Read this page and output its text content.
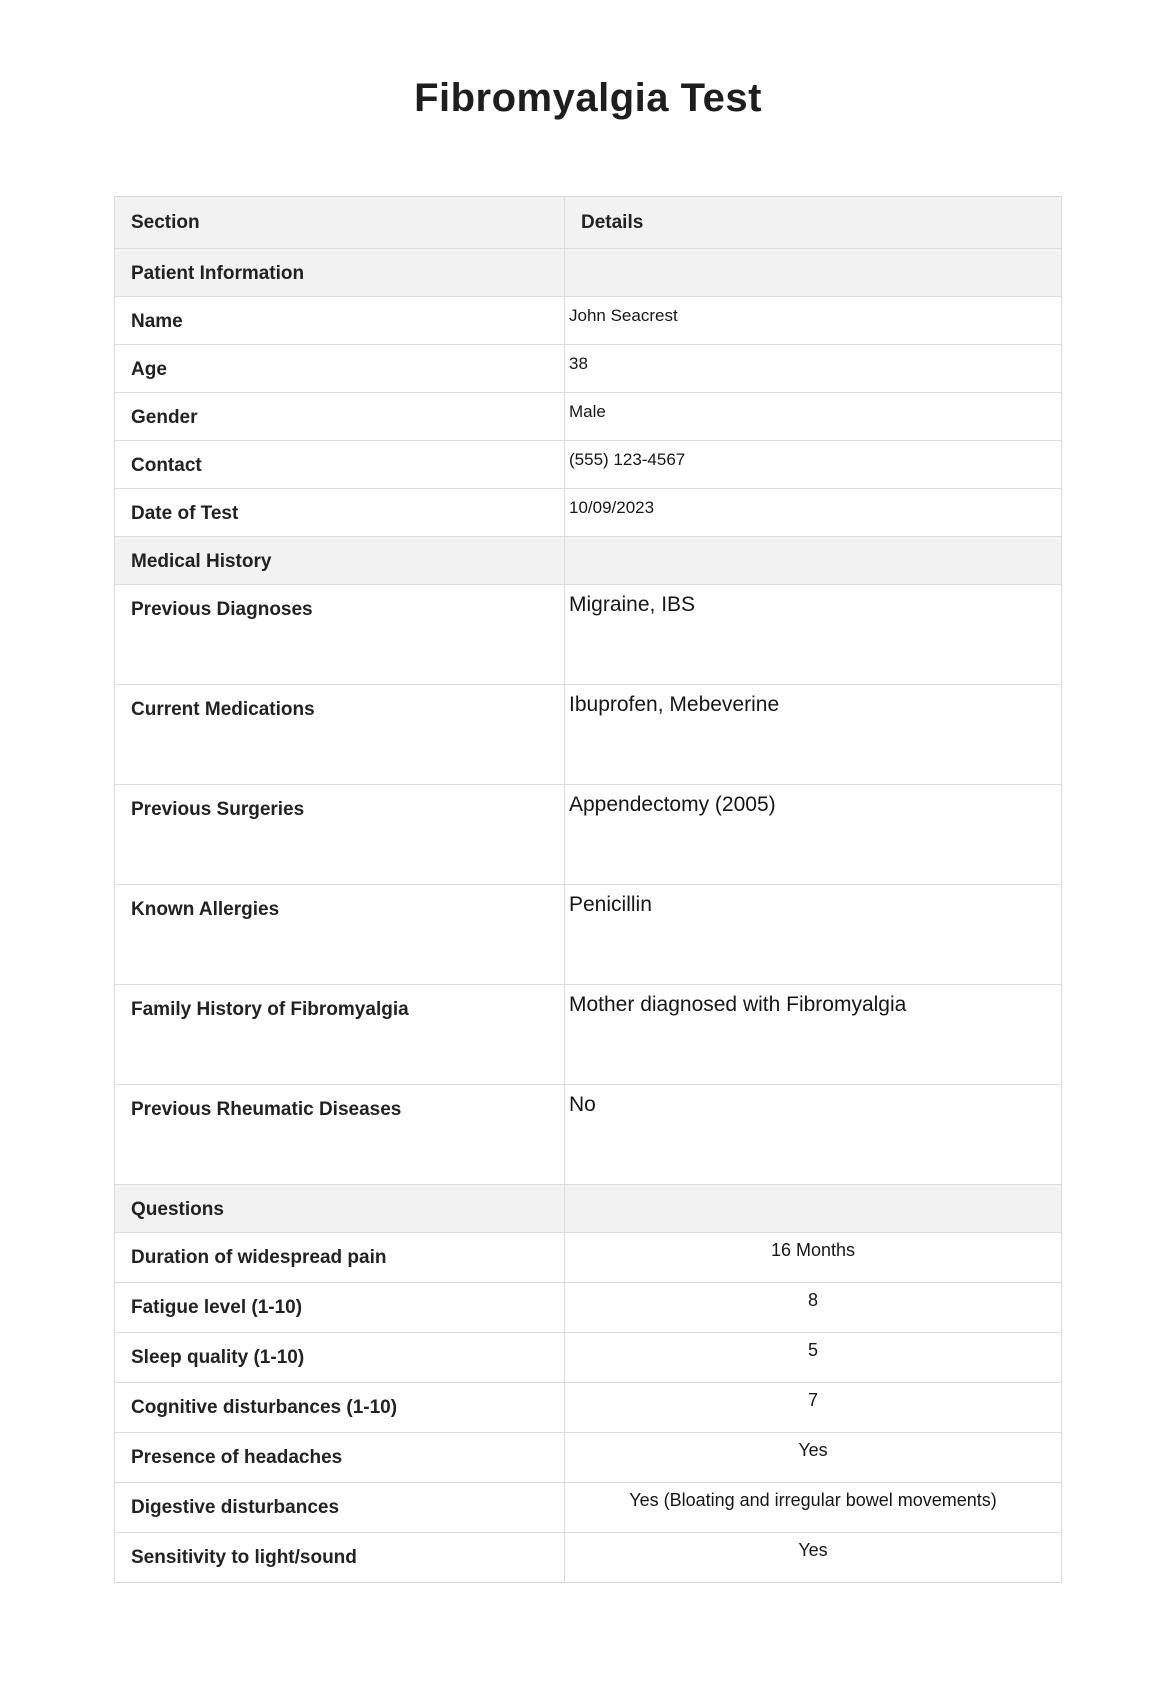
Fibromyalgia Test
Section	Details
Patient Information	
Name	John Seacrest
Age	38
Gender	Male
Contact	(555) 123-4567
Date of Test	10/09/2023
Medical History	
Previous Diagnoses	Migraine, IBS
Current Medications	Ibuprofen, Mebeverine
Previous Surgeries	Appendectomy (2005)
Known Allergies	Penicillin
Family History of Fibromyalgia	Mother diagnosed with Fibromyalgia
Previous Rheumatic Diseases	No
Questions	
Duration of widespread pain	16 Months
Fatigue level (1-10)	8
Sleep quality (1-10)	5
Cognitive disturbances (1-10)	7
Presence of headaches	Yes
Digestive disturbances	Yes (Bloating and irregular bowel movements)
Sensitivity to light/sound	Yes
